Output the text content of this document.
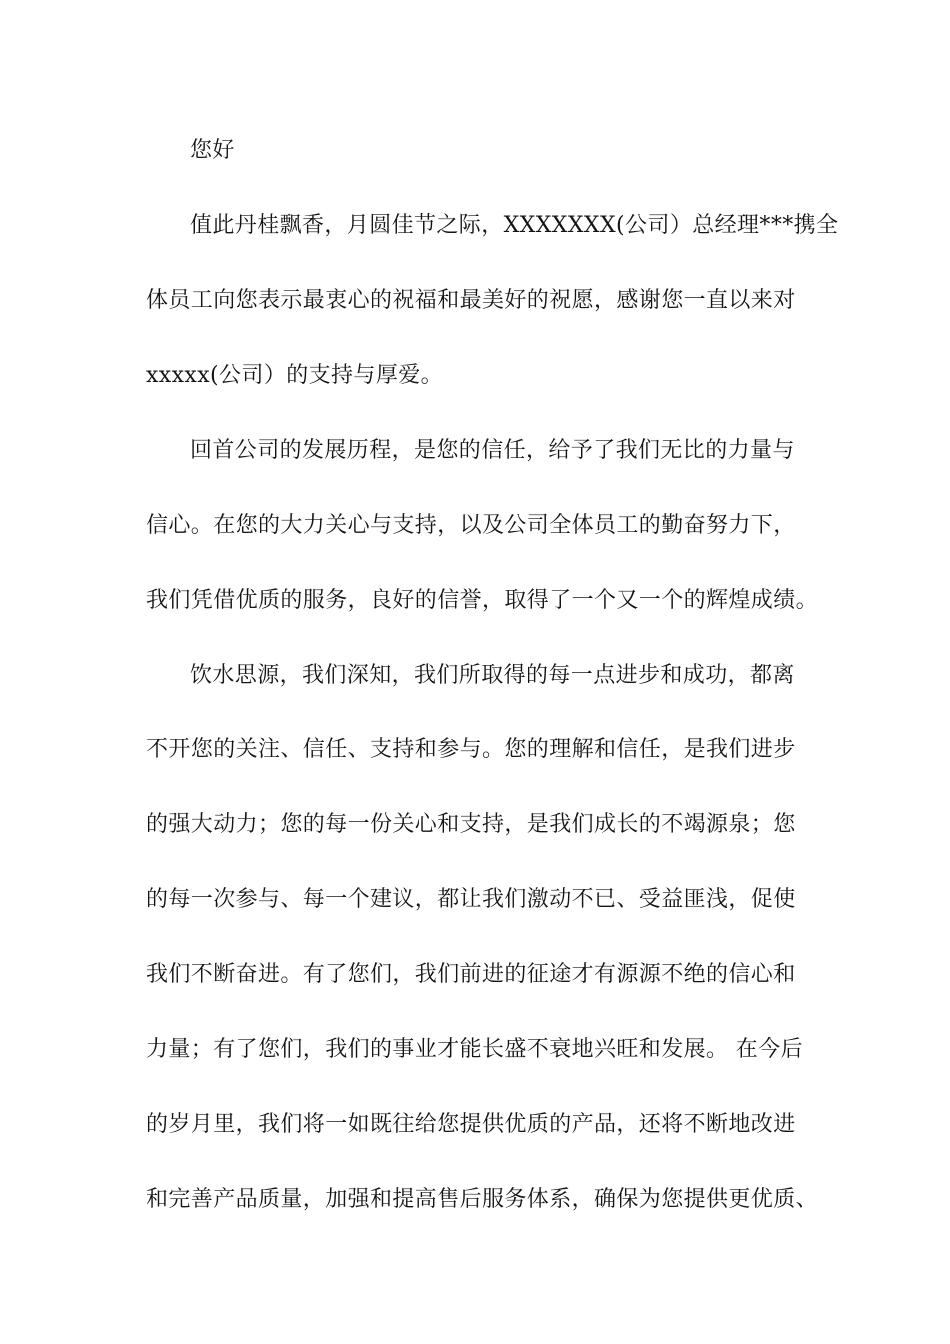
您好
值此丹桂飘香，月圆佳节之际，XXXXXXX(公司）总经理***携全
体员工向您表示最衷心的祝福和最美好的祝愿，感谢您一直以来对
xxxxx(公司）的支持与厚爱。
回首公司的发展历程，是您的信任，给予了我们无比的力量与
信心。在您的大力关心与支持，以及公司全体员工的勤奋努力下，
我们凭借优质的服务，良好的信誉，取得了一个又一个的辉煌成绩。
饮水思源，我们深知，我们所取得的每一点进步和成功，都离
不开您的关注、信任、支持和参与。您的理解和信任，是我们进步
的强大动力；您的每一份关心和支持，是我们成长的不竭源泉；您
的每一次参与、每一个建议，都让我们激动不已、受益匪浅，促使
我们不断奋进。有了您们，我们前进的征途才有源源不绝的信心和
力量；有了您们，我们的事业才能长盛不衰地兴旺和发展。 在今后
的岁月里，我们将一如既往给您提供优质的产品，还将不断地改进
和完善产品质量，加强和提高售后服务体系，确保为您提供更优质、
